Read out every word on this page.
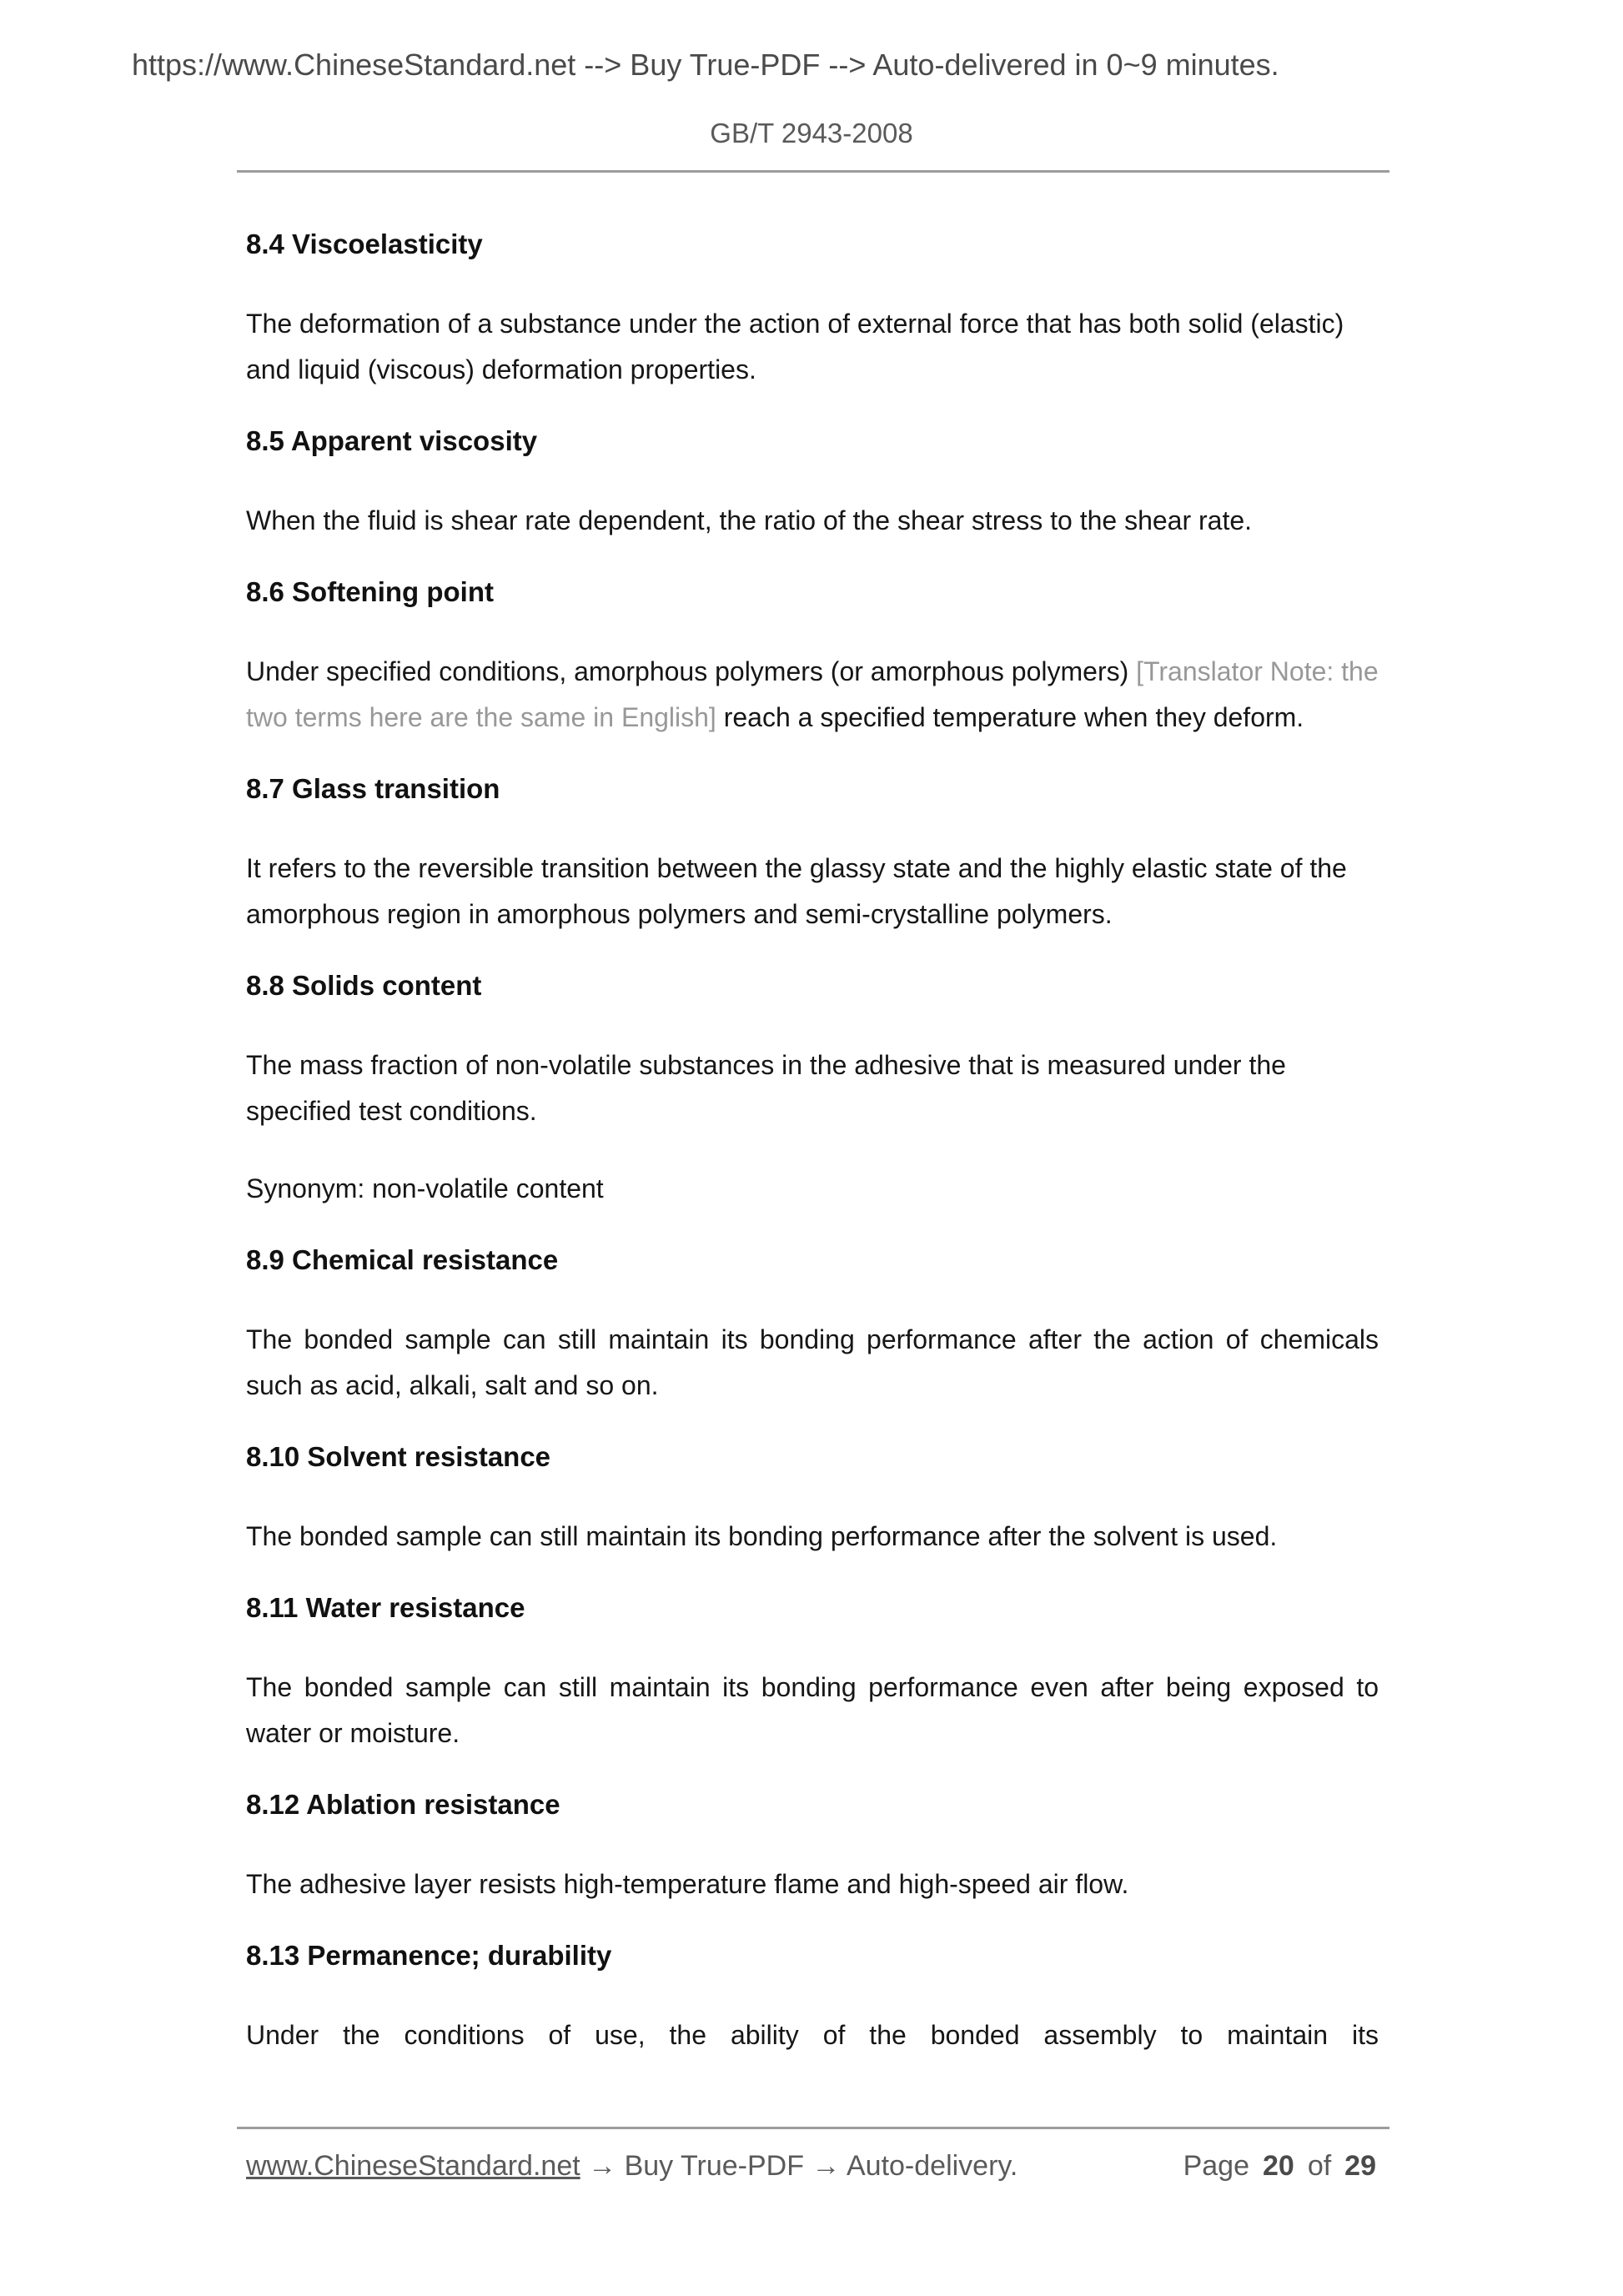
https://www.ChineseStandard.net --> Buy True-PDF --> Auto-delivered in 0~9 minutes.
GB/T 2943-2008
8.4 Viscoelasticity

The deformation of a substance under the action of external force that has both solid (elastic) and liquid (viscous) deformation properties.

8.5 Apparent viscosity

When the fluid is shear rate dependent, the ratio of the shear stress to the shear rate.

8.6 Softening point

Under specified conditions, amorphous polymers (or amorphous polymers) [Translator Note: the two terms here are the same in English] reach a specified temperature when they deform.

8.7 Glass transition

It refers to the reversible transition between the glassy state and the highly elastic state of the amorphous region in amorphous polymers and semi-crystalline polymers.

8.8 Solids content

The mass fraction of non-volatile substances in the adhesive that is measured under the specified test conditions.

Synonym: non-volatile content

8.9 Chemical resistance

The bonded sample can still maintain its bonding performance after the action of chemicals such as acid, alkali, salt and so on.

8.10 Solvent resistance

The bonded sample can still maintain its bonding performance after the solvent is used.

8.11 Water resistance

The bonded sample can still maintain its bonding performance even after being exposed to water or moisture.

8.12 Ablation resistance

The adhesive layer resists high-temperature flame and high-speed air flow.

8.13 Permanence; durability

Under the conditions of use, the ability of the bonded assembly to maintain its

www.ChineseStandard.net → Buy True-PDF → Auto-delivery.	Page 20 of 29
